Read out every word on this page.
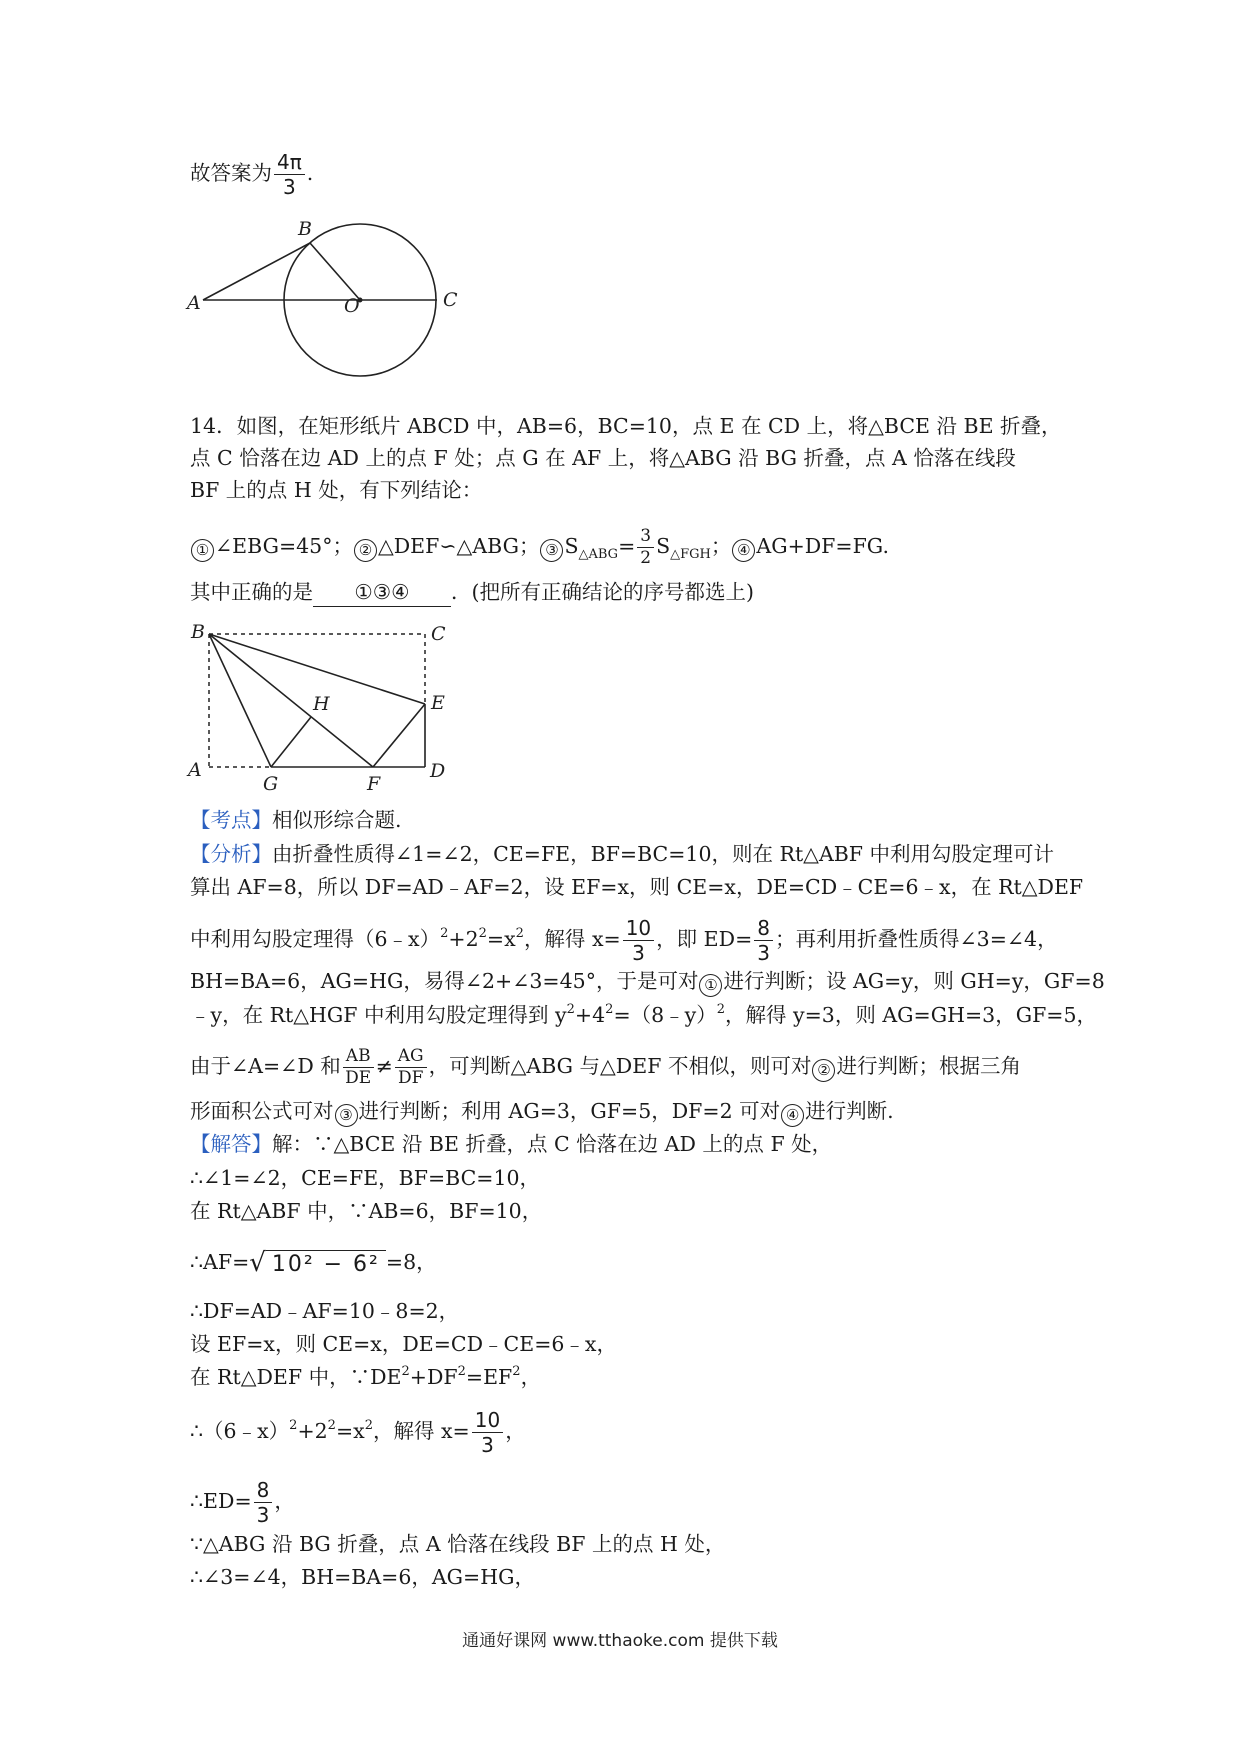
故答案为 $\frac{4\pi}{3}$ .
A
B
O	C
14．如图，在矩形纸片 ABCD 中，AB=6，BC=10，点 E 在 CD 上，将△BCE 沿 BE 折叠，
点 C 恰落在边 AD 上的点 F 处；点 G 在 AF 上，将△ABG 沿 BG 折叠，点 A 恰落在线段
BF 上的点 H 处，有下列结论：
① ∠EBG=45°； ② △DEF∽△ABG； ③ $S_{\triangle ABG}= \frac{3}{2} S_{\triangle FGH}$； ④ AG+DF=FG.
其中正确的是 ①③④ ．(把所有正确结论的序号都选上)
B	C
H	E
A
G	F
D
【考点】相似形综合题.
【分析】由折叠性质得∠1=∠2，CE=FE，BF=BC=10，则在 Rt△ABF 中利用勾股定理可计
算出 AF=8，所以 DF=AD﹣AF=2，设 EF=x，则 CE=x，DE=CD﹣CE=6﹣x，在 Rt△DEF
中利用勾股定理得$(6﹣x)^2+2^2=x^2$，解得 $x= \frac{10}{3}$ ，即 $ED= \frac{8}{3}$ ；再利用折叠性质得∠3=∠4，
BH=BA=6，AG=HG，易得∠2+∠3=45°，于是可对 ① 进行判断；设 AG=y，则 GH=y，GF=8
﹣y，在 Rt△HGF 中利用勾股定理得到 $y^2+4^2=(8﹣y)^2$，解得 y=3，则 AG=GH=3，GF=5，
由于∠A=∠D 和 $\frac{AB}{DE} \ne \frac{AG}{DF}$ ，可判断△ABG 与△DEF 不相似，则可对 ② 进行判断；根据三角
形面积公式可对 ③ 进行判断；利用 AG=3，GF=5，DF=2 可对 ④ 进行判断.
【解答】解：∵△BCE 沿 BE 折叠，点 C 恰落在边 AD 上的点 F 处，
∴∠1=∠2，CE=FE，BF=BC=10，
在 Rt△ABF 中，∵AB=6，BF=10，
∴AF=√ 10² − 6² =8，
∴DF=AD﹣AF=10﹣8=2，
设 EF=x，则 CE=x，DE=CD﹣CE=6﹣x，
在 Rt△DEF 中，$\because DE^2+DF^2=EF^2$，
$\therefore(6﹣x)^2+2^2=x^2$，解得 $x= \frac{10}{3}$ ，
∴ED= $\frac{8}{3}$ ，
∵△ABG 沿 BG 折叠，点 A 恰落在线段 BF 上的点 H 处，
∴∠3=∠4，BH=BA=6，AG=HG，
通通好课网 www.tthaoke.com 提供下载
